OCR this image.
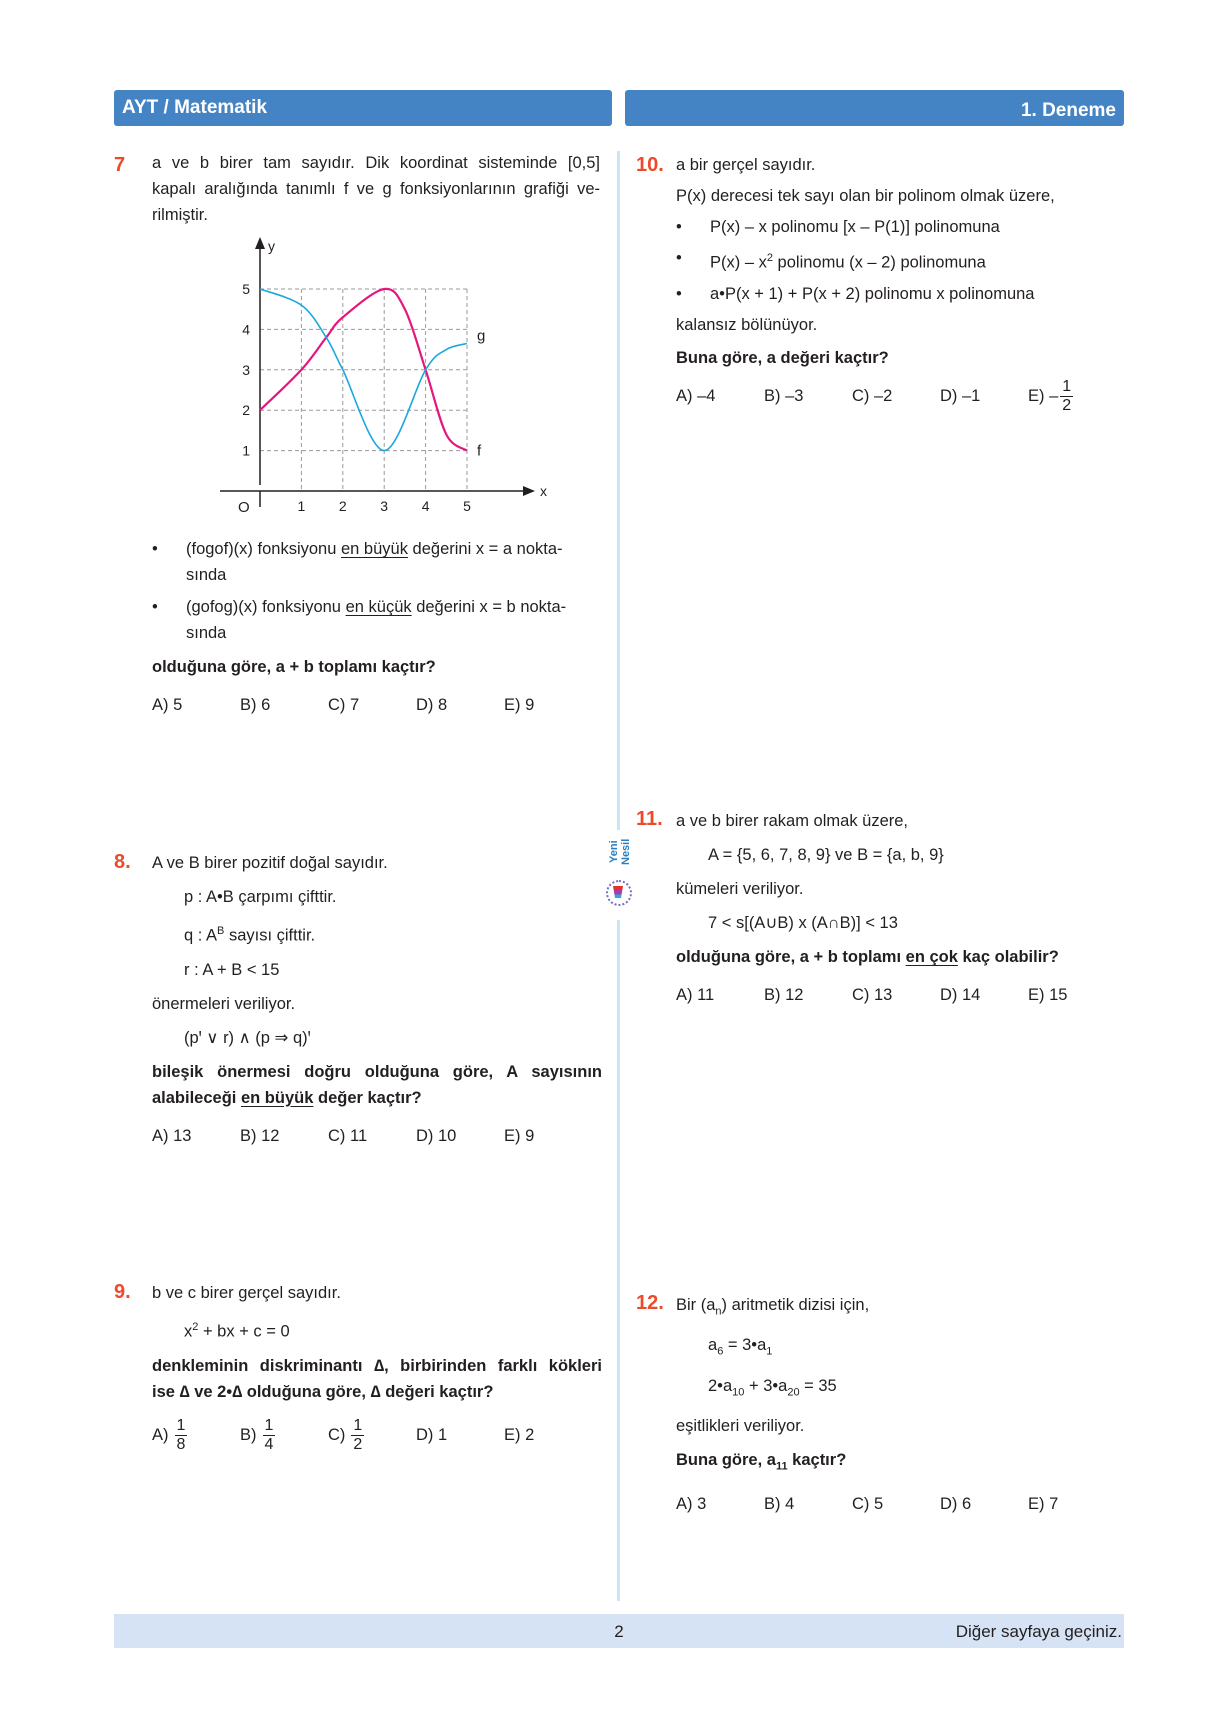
AYT / Matematik	1. Deneme
Yeni Nesil
7 a ve b birer tam sayıdır. Dik koordinat sisteminde [0,5]
kapalı aralığında tanımlı f ve g fonksiyonlarının grafiği ve-
rilmiştir.
x
y
O	1 2 3 4 5
1
2
3
4
5
f
g
•	(fogof)(x) fonksiyonu en büyük değerini x = a nokta-
sında
•	(gofog)(x) fonksiyonu en küçük değerini x = b nokta-
sında
olduğuna göre, a + b toplamı kaçtır?
A) 5	B) 6	C) 7	D) 8	E) 9
8. A ve B birer pozitif doğal sayıdır.
p : A•B çarpımı çifttir.
q : $A^B$ sayısı çifttir.
r : A + B < 15
önermeleri veriliyor.
(pꞌ ∨ r) ∧ (p ⇒ q)ꞌ
bileşik önermesi doğru olduğuna göre, A sayısının
alabileceği en büyük değer kaçtır?
A) 13	B) 12	C) 11	D) 10	E) 9
9. b ve c birer gerçel sayıdır.
$x^2$ + bx + c = 0
denkleminin diskriminantı ∆, birbirinden farklı kökleri
ise ∆ ve 2•∆ olduğuna göre, ∆ değeri kaçtır?
$A) \frac{1}{8}$	$B) \frac{1}{4}$	$C) \frac{1}{2}$	D) 1	E) 2
10. a bir gerçel sayıdır.
P(x) derecesi tek sayı olan bir polinom olmak üzere,
•	P(x) – x polinomu [x – P(1)] polinomuna
•	$P(x) - x^2$ polinomu (x – 2) polinomuna
•	a•P(x + 1) + P(x + 2) polinomu x polinomuna
kalansız bölünüyor.
Buna göre, a değeri kaçtır?
A) –4	B) –3	C) –2	D) –1	E)
– $\frac{1}{2}$
11. a ve b birer rakam olmak üzere,
A = {5, 6, 7, 8, 9} ve B = {a, b, 9}
kümeleri veriliyor.
7 < s[(A∪B) x (A∩B)] < 13
olduğuna göre, a + b toplamı en çok kaç olabilir?
A) 11	B) 12	C) 13	D) 14	E) 15
12. Bir $(a_n)$ aritmetik dizisi için,
$a_6$ = $3•a_1$
$2•a_{10}$ + $3•a_{20} = 35$
eşitlikleri veriliyor.
Buna göre, $a_{11}$ kaçtır?
A) 3	B) 4	C) 5	D) 6	E) 7
2	Diğer sayfaya geçiniz.
